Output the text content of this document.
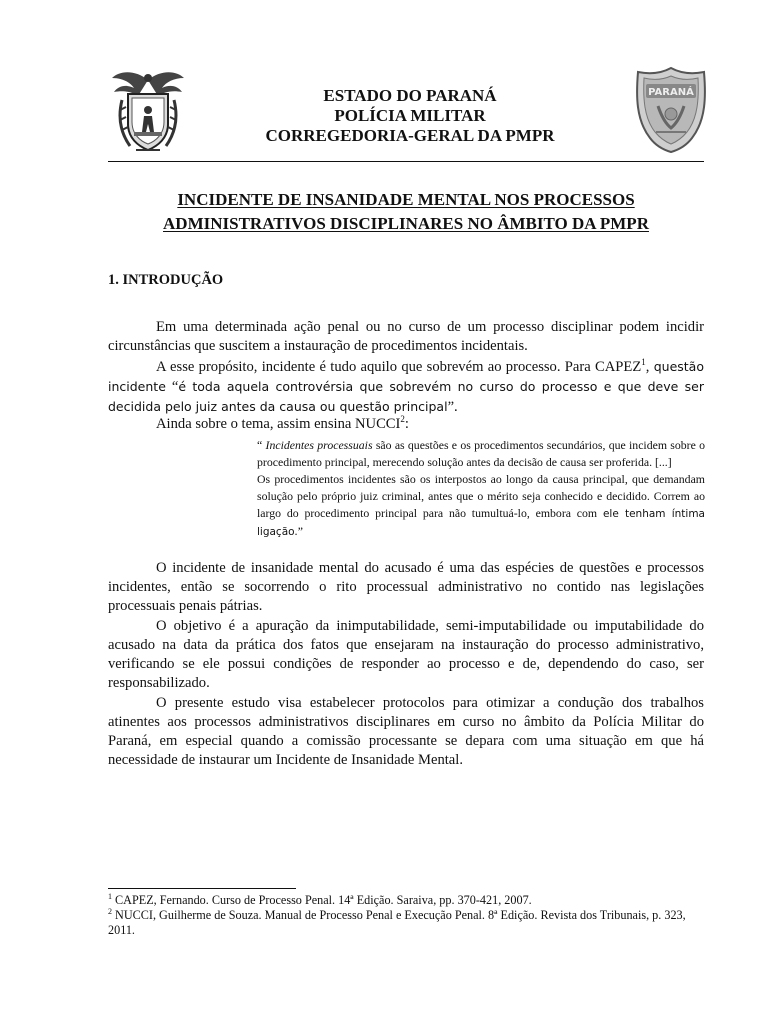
ESTADO DO PARANÁ
POLÍCIA MILITAR
CORREGEDORIA-GERAL DA PMPR
PARANÁ
INCIDENTE DE INSANIDADE MENTAL NOS PROCESSOS
ADMINISTRATIVOS DISCIPLINARES NO ÂMBITO DA PMPR
1. INTRODUÇÃO
Em uma determinada ação penal ou no curso de um processo disciplinar podem incidir circunstâncias que suscitem a instauração de procedimentos incidentais.
A esse propósito, incidente é tudo aquilo que sobrevém ao processo. Para CAPEZ$^1$, questão incidente “é toda aquela controvérsia que sobrevém no curso do processo e que deve ser decidida pelo juiz antes da causa ou questão principal”.
Ainda sobre o tema, assim ensina NUCCI$^2$:
“ Incidentes processuais são as questões e os procedimentos secundários, que incidem sobre o procedimento principal, merecendo solução antes da decisão de causa ser proferida. [...]
Os procedimentos incidentes são os interpostos ao longo da causa principal, que demandam solução pelo próprio juiz criminal, antes que o mérito seja conhecido e decidido. Correm ao largo do procedimento principal para não tumultuá-lo, embora com ele tenham íntima ligação.”
O incidente de insanidade mental do acusado é uma das espécies de questões e processos incidentes, então se socorrendo o rito processual administrativo no contido nas legislações processuais penais pátrias.
O objetivo é a apuração da inimputabilidade, semi-imputabilidade ou imputabilidade do acusado na data da prática dos fatos que ensejaram na instauração do processo administrativo, verificando se ele possui condições de responder ao processo e de, dependendo do caso, ser responsabilizado.
O presente estudo visa estabelecer protocolos para otimizar a condução dos trabalhos atinentes aos processos administrativos disciplinares em curso no âmbito da Polícia Militar do Paraná, em especial quando a comissão processante se depara com uma situação em que há necessidade de instaurar um Incidente de Insanidade Mental.
$^1$ CAPEZ, Fernando. Curso de Processo Penal. 14ª Edição. Saraiva, pp. 370-421, 2007.
$^2$ NUCCI, Guilherme de Souza. Manual de Processo Penal e Execução Penal. 8ª Edição. Revista dos Tribunais, p. 323, 2011.
